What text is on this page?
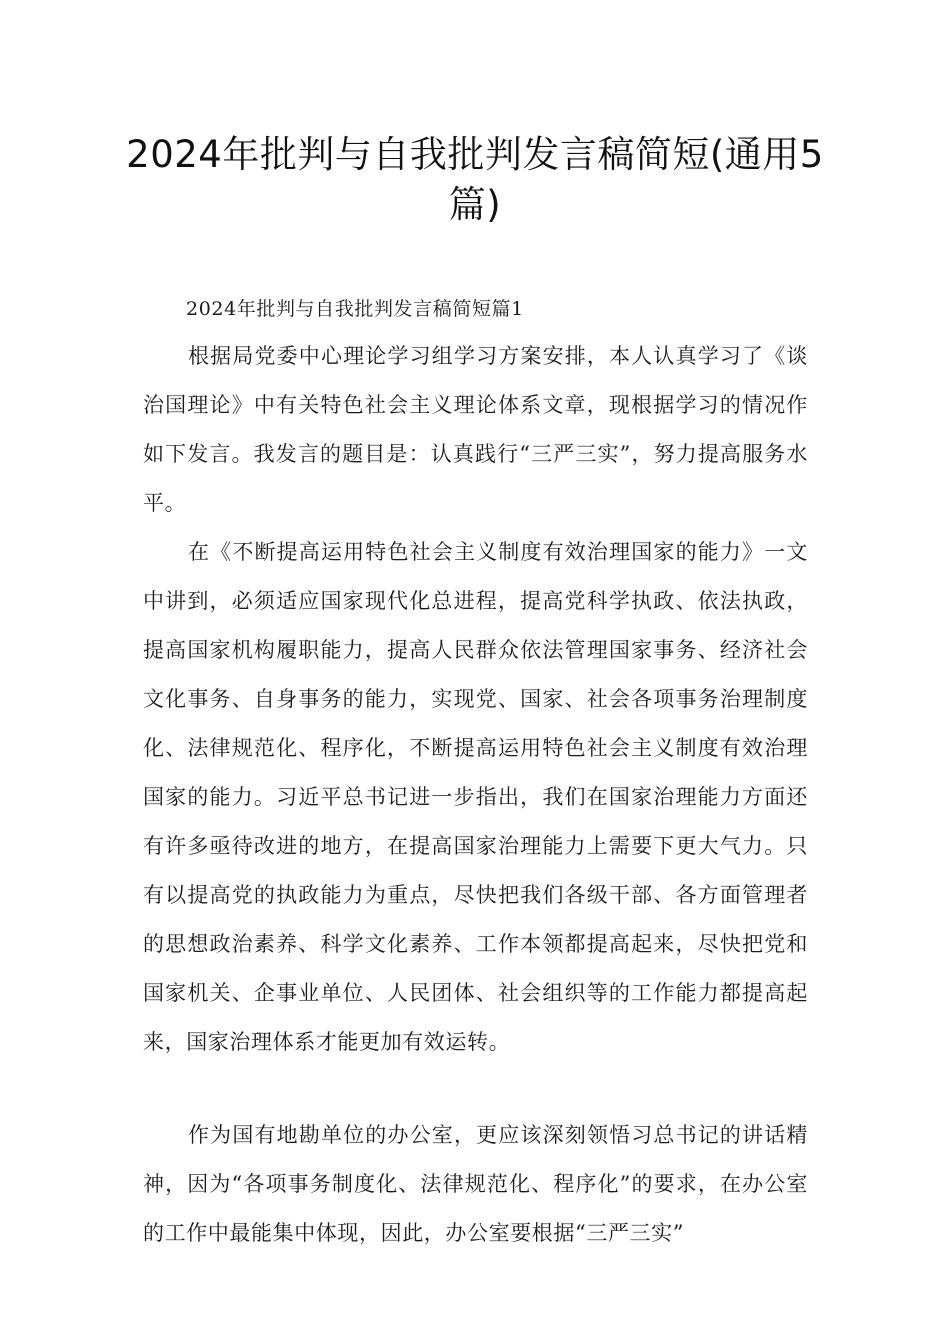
2024年批判与自我批判发言稿简短(通用5篇)
2024年批判与自我批判发言稿简短篇1
根据局党委中心理论学习组学习方案安排，本人认真学习了《谈治国理论》中有关特色社会主义理论体系文章，现根据学习的情况作如下发言。我发言的题目是：认真践行“三严三实”，努力提高服务水平。
在《不断提高运用特色社会主义制度有效治理国家的能力》一文中讲到，必须适应国家现代化总进程，提高党科学执政、依法执政，提高国家机构履职能力，提高人民群众依法管理国家事务、经济社会文化事务、自身事务的能力，实现党、国家、社会各项事务治理制度化、法律规范化、程序化，不断提高运用特色社会主义制度有效治理国家的能力。习近平总书记进一步指出，我们在国家治理能力方面还有许多亟待改进的地方，在提高国家治理能力上需要下更大气力。只有以提高党的执政能力为重点，尽快把我们各级干部、各方面管理者的思想政治素养、科学文化素养、工作本领都提高起来，尽快把党和国家机关、企事业单位、人民团体、社会组织等的工作能力都提高起来，国家治理体系才能更加有效运转。
作为国有地勘单位的办公室，更应该深刻领悟习总书记的讲话精神，因为“各项事务制度化、法律规范化、程序化”的要求，在办公室的工作中最能集中体现，因此，办公室要根据“三严三实”
